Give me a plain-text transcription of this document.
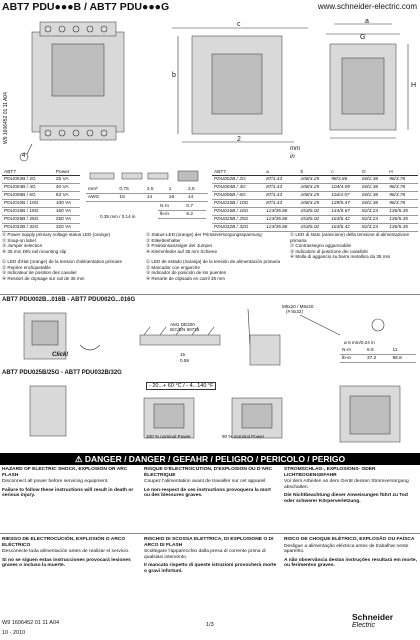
ABT7 PDU●●●B / ABT7 PDU●●●G	www.schneider-electric.com
W9 1606452 01 11 A04
c
b
2
a
G
H
4
mm
in
ABT7	Power
PDU002B / 2G	25 VA
PDU004B / 4G	40 VA
PDU006B / 6G	63 VA
PDU010B / 10G	100 VA
PDU016B / 16G	160 VA
PDU025B / 25G	250 VA
PDU032B / 32G	320 VA
mm²	0,75	2,5	1	2,5
AWG	18	14	18	14
N·m	0.7
lb-in	6.2
0.35 mm / 0.14 in
ABT7	a	b	c	G	H
PDU002B / 2G	87/3.43	108/4.25	98/3.86	60/2.36	96/3.78
PDU004B / 4G	87/3.43	108/4.25	104/4.09	60/2.36	96/3.78
PDU006B / 6G	87/3.43	108/4.25	116/4.57	60/2.36	96/3.78
PDU010B / 10G	87/3.43	108/4.25	139/5.47	60/2.36	96/3.78
PDU016B / 16G	123/35.86	153/6.02	144/5.67	82/3.23	136/5.35
PDU025B / 25G	123/35.86	153/6.02	163/6.42	82/3.23	136/5.35
PDU032B / 32G	123/35.86	153/6.02	163/6.42	82/3.23	136/5.35
① Power supply primary voltage status LED (orange)
② Snap-on label
③ Jumper selection
④ 35 mm DIN rail mounting clip
① LED d'état (orange) de la tension d'alimentation primaire
② Repère encliquetable
③ Indicateur de position des cavalier
④ Ressort de clipsage sur rail de 35 mm
① Status-LED (orange) der Primärversorgungsspannung
② Etikettenhalter
③ Positionsanzeiger der Jumper
④ Klemmfeder auf 35 mm Schiene
① LED de estado (naranja) de la tensión de alimentación primaria
② Marcador con engarche
③ Indicador de posición de los puentes
④ Resorte de clipsado en carril 35 mm
① LED di stato (arancione) della tensione di alimentazione primaria
② Contrassegno agganciabile
③ Indicatore di posizione dei cavallotti
④ Molla di aggancio su barra metallica da 35 mm
ABT7 PDU002B...016B - ABT7 PDU002G...016G
Click!
AM1 DE200
IEC/EN 60715
15
0.59
M5x20 / M6x20
(# 8x32)
ø 6 mm/0.24 in
N·m	6.5	11
lb-in	37.2	96.8
ABT7 PDU025B/25G - ABT7 PDU032B/32G
- 20...+ 60 °C / - 4...140 °F
100 % nominal Power	90 % nominal Power
⚠ DANGER / DANGER / GEFAHR / PELIGRO / PERICOLO / PERIGO
HAZARD OF ELECTRIC SHOCK, EXPLOSION OR ARC FLASH
Disconnect all power before servicing equipment.
Failure to follow these instructions will result in death or serious injury.
RISQUE D'ÉLECTROCUTION, D'EXPLOSION OU D'ARC ÉLECTRIQUE
Coupez l'alimentation avant de travailler sur cet appareil.
Le non-respect de ces instructions provoquera la mort ou des blessures graves.
STROMSCHLAG-, EXPLOSIONS- ODER LICHTBOGENGEFAHR
Vor dem Arbeiten an dem Gerät dessen Stromversorgung abschalten.
Die Nichtbeachtung dieser Anweisungen führt zu Tod oder schwerer Körperverletzung.
RIESGO DE ELECTROCUCIÓN, EXPLOSIÓN O ARCO ELÉCTRICO
Desconecte toda alimentación antes de realizar el servicio.
Si no se siguen estas instrucciones provocará lesiones graves o incluso la muerte.
RISCHIO DI SCOSSA ELETTRICA, DI ESPLOSIONE O DI ARCO DI FLASH
Scollegare l'apparecchio dalla presa di corrente prima di qualsiasi intervento.
Il mancato rispetto di queste istruzioni provocherà morte o gravi infortuni.
RISCO DE CHOQUE ELÉTRICO, EXPLOSÃO OU FAÍSCA
Desligue a alimentação eléctrica antes de trabalhar neste aparelho.
A não observância destas instruções resultará em morte, ou ferimentos graves.
W9 1606452 01 11 A04
10 - 2010
1/3
Schneider
Electric
